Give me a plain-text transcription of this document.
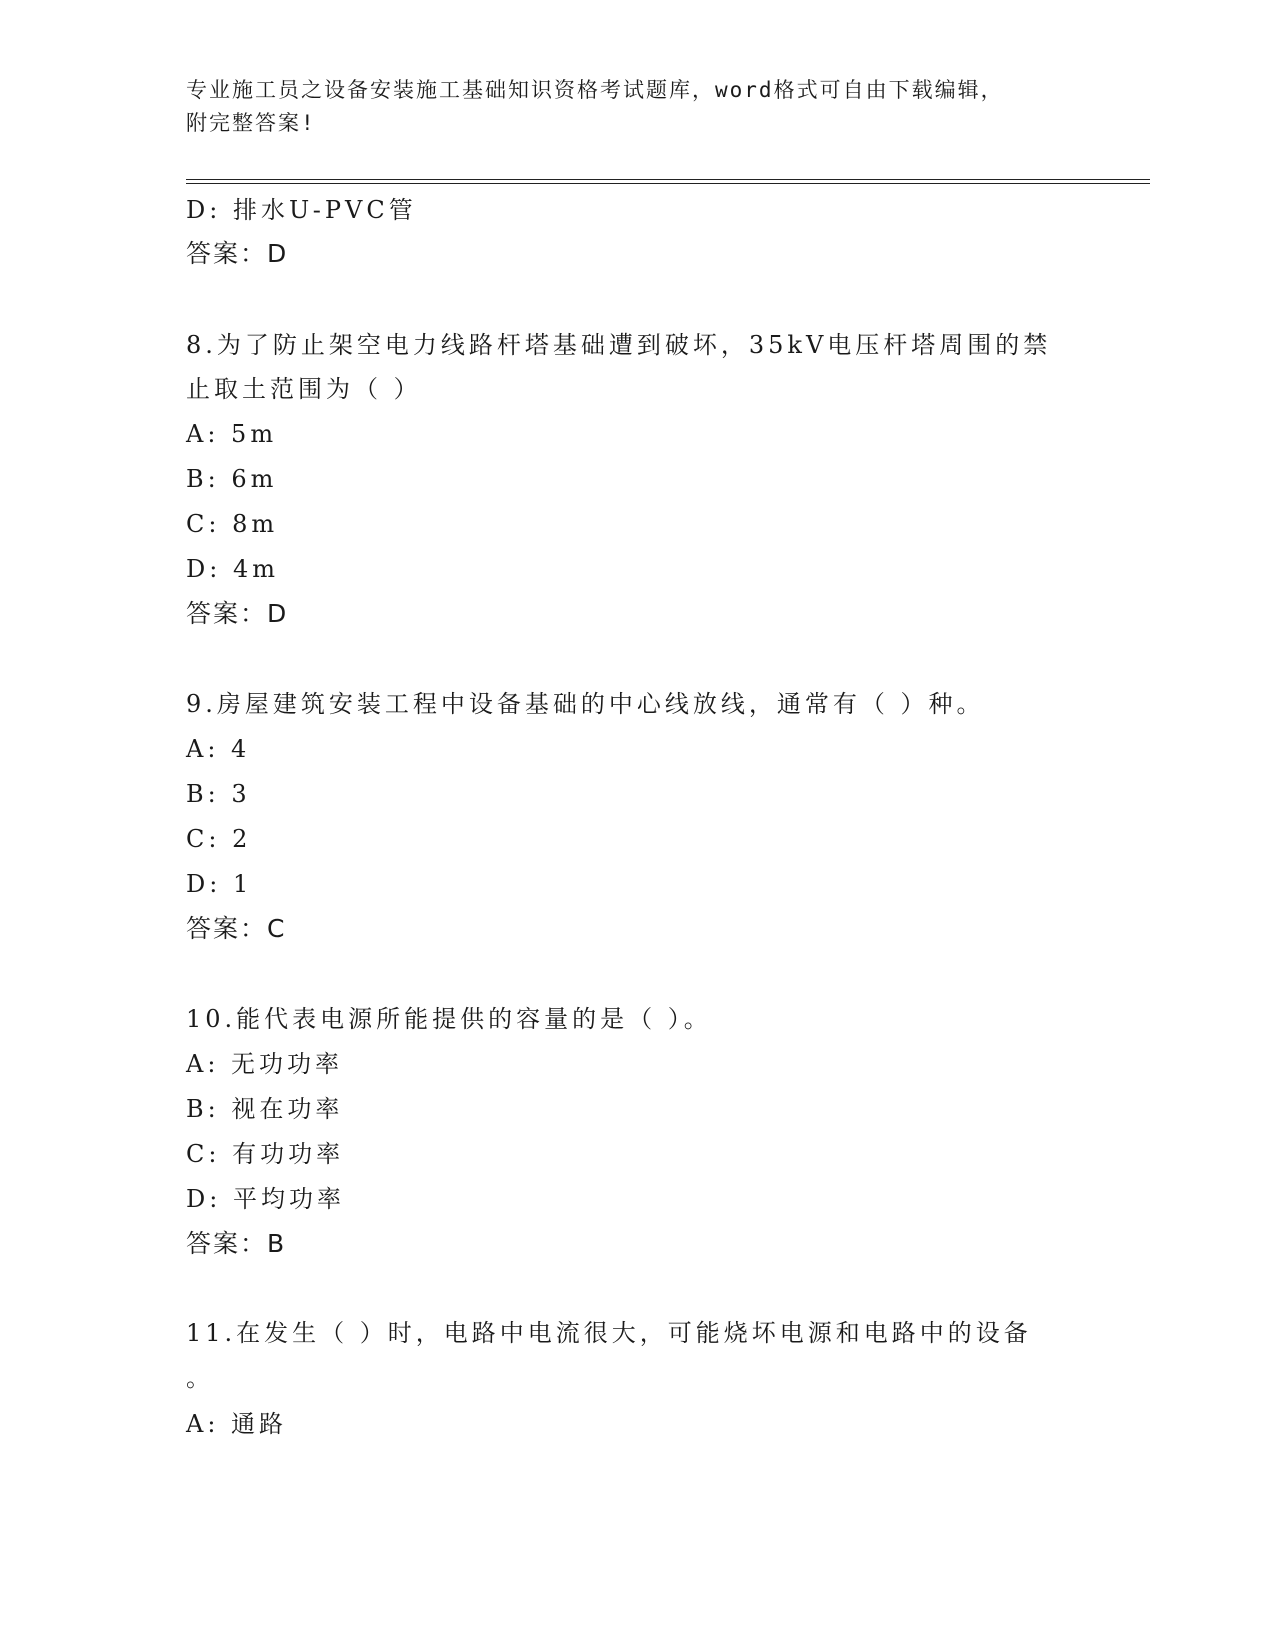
专业施工员之设备安装施工基础知识资格考试题库，word格式可自由下载编辑，
附完整答案!
D: 排水U-PVC管
答案：D
8.为了防止架空电力线路杆塔基础遭到破坏，35kV电压杆塔周围的禁
止取土范围为（ ）
A: 5m
B: 6m
C: 8m
D: 4m
答案：D
9.房屋建筑安装工程中设备基础的中心线放线，通常有（ ）种。
A: 4
B: 3
C: 2
D: 1
答案：C
10.能代表电源所能提供的容量的是（ ）。
A: 无功功率
B: 视在功率
C: 有功功率
D: 平均功率
答案：B
11.在发生（ ）时，电路中电流很大，可能烧坏电源和电路中的设备
。
A: 通路
